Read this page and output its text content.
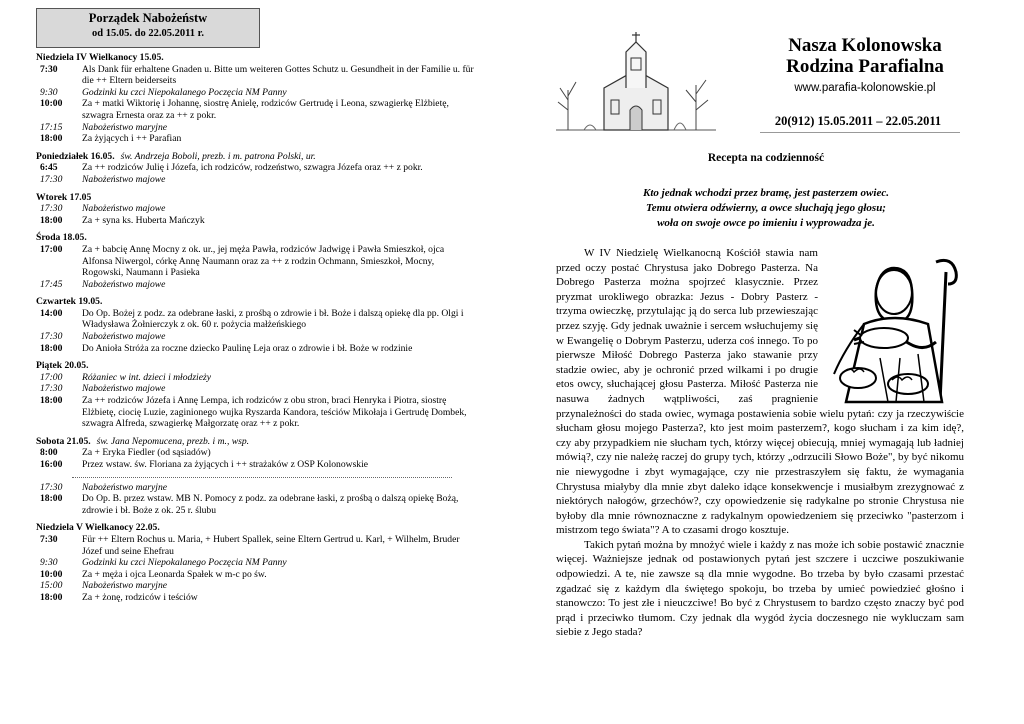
Porządek Nabożeństw
od 15.05. do 22.05.2011 r.
Niedziela IV Wielkanocy 15.05.
7:30	Als Dank für erhaltene Gnaden u. Bitte um weiteren Gottes Schutz u. Gesundheit in der Familie u. für die ++ Eltern beiderseits
9:30	Godzinki ku czci Niepokalanego Poczęcia NM Panny
10:00	Za + matki Wiktorię i Johannę, siostrę Anielę, rodziców Gertrudę i Leona, szwagierkę Elżbietę, szwagra Ernesta oraz za ++ z pokr.
17:15	Nabożeństwo maryjne
18:00	Za żyjących i ++ Parafian
Poniedziałek 16.05. św. Andrzeja Boboli, prezb. i m. patrona Polski, ur.
6:45	Za ++ rodziców Julię i Józefa, ich rodziców, rodzeństwo, szwagra Józefa oraz ++ z pokr.
17:30	Nabożeństwo majowe
Wtorek 17.05
17:30	Nabożeństwo majowe
18:00	Za + syna ks. Huberta Mańczyk
Środa 18.05.
17:00	Za + babcię Annę Mocny z ok. ur., jej męża Pawła, rodziców Jadwigę i Pawła Smieszkoł, ojca Alfonsa Niwergol, córkę Annę Naumann oraz za ++ z rodzin Ochmann, Smieszkoł, Mocny, Rogowski, Naumann i Pasieka
17:45	Nabożeństwo majowe
Czwartek 19.05.
14:00	Do Op. Bożej z podz. za odebrane łaski, z prośbą o zdrowie i bł. Boże i dalszą opiekę dla pp. Olgi i Władysława Żołnierczyk z ok. 60 r. pożycia małżeńskiego
17:30	Nabożeństwo majowe
18:00	Do Anioła Stróża za roczne dziecko Paulinę Leja oraz o zdrowie i bł. Boże w rodzinie
Piątek 20.05.
17:00	Różaniec w int. dzieci i młodzieży
17:30	Nabożeństwo majowe
18:00	Za ++ rodziców Józefa i Annę Lempa, ich rodziców z obu stron, braci Henryka i Piotra, siostrę Elżbietę, ciocię Luzie, zaginionego wujka Ryszarda Kandora, teściów Mikołaja i Gertrudę Dombek, szwagra Alfreda, szwagierkę Małgorzatę oraz ++ z pokr.
Sobota 21.05. św. Jana Nepomucena, prezb. i m., wsp.
8:00	Za + Eryka Fiedler (od sąsiadów)
16:00	Przez wstaw. św. Floriana za żyjących i ++ strażaków z OSP Kolonowskie
17:30	Nabożeństwo maryjne
18:00	Do Op. B. przez wstaw. MB N. Pomocy z podz. za odebrane łaski, z prośbą o dalszą opiekę Bożą, zdrowie i bł. Boże z ok. 25 r. ślubu
Niedziela V Wielkanocy 22.05.
7:30	Für ++ Eltern Rochus u. Maria, + Hubert Spallek, seine Eltern Gertrud u. Karl, + Wilhelm, Bruder Józef und seine Ehefrau
9:30	Godzinki ku czci Niepokalanego Poczęcia NM Panny
10:00	Za + męża i ojca Leonarda Spałek w m-c po św.
15:00	Nabożeństwo maryjne
18:00	Za + żonę, rodziców i teściów
Nasza Kolonowska
Rodzina Parafialna
www.parafia-kolonowskie.pl
20(912) 15.05.2011 – 22.05.2011
Recepta na codzienność
Kto jednak wchodzi przez bramę, jest pasterzem owiec.
Temu otwiera odźwierny, a owce słuchają jego głosu;
woła on swoje owce po imieniu i wyprowadza je.

W IV Niedzielę Wielkanocną Kościół stawia nam przed oczy postać Chrystusa jako Dobrego Pasterza. Na Dobrego Pasterza można spojrzeć klasycznie. Przez pryzmat urokliwego obrazka: Jezus - Dobry Pasterz - trzyma owieczkę, przytulając ją do serca lub przewieszając przez szyję. Gdy jednak uważnie i sercem wsłuchujemy się w Ewangelię o Dobrym Pasterzu, uderza coś innego. To po pierwsze Miłość Dobrego Pasterza jako stawanie przy stadzie owiec, aby je ochronić przed wilkami i po drugie etos owcy, słuchającej głosu Pasterza. Miłość Pasterza nie nasuwa żadnych wątpliwości, zaś pragnienie przynależności do stada owiec, wymaga postawienia sobie wielu pytań: czy ja rzeczywiście słucham głosu mojego Pasterza?, kto jest moim pasterzem?, kogo słucham i za kim idę?, czy aby przypadkiem nie słucham tych, którzy więcej obiecują, mniej wymagają lub ładniej mówią?, czy nie należę raczej do grupy tych, którzy „odrzucili Słowo Boże", by być nikomu nie niewygodne i zbyt wymagające, czy nie przestraszyłem się faktu, że wymagania Chrystusa miałyby dla mnie zbyt daleko idące konsekwencje i musiałbym zrezygnować z niektórych nałogów, grzechów?, czy opowiedzenie się radykalne po stronie Chrystusa nie byłoby dla mnie równoznaczne z radykalnym opowiedzeniem się przeciwko "pasterzom i mistrzom tego świata"? A to czasami drogo kosztuje.

Takich pytań można by mnożyć wiele i każdy z nas może ich sobie postawić znacznie więcej. Ważniejsze jednak od postawionych pytań jest szczere i uczciwe poszukiwanie odpowiedzi. A te, nie zawsze są dla mnie wygodne. Bo trzeba by było czasami przestać zgadzać się z każdym dla świętego spokoju, bo trzeba by umieć powiedzieć głośno i stanowczo: To jest złe i nieuczciwe! Bo być z Chrystusem to bardzo często znaczy być pod prąd i przeciwko tłumom. Czy jednak dla wygód życia doczesnego nie wykluczam sam siebie z Jego stada?
